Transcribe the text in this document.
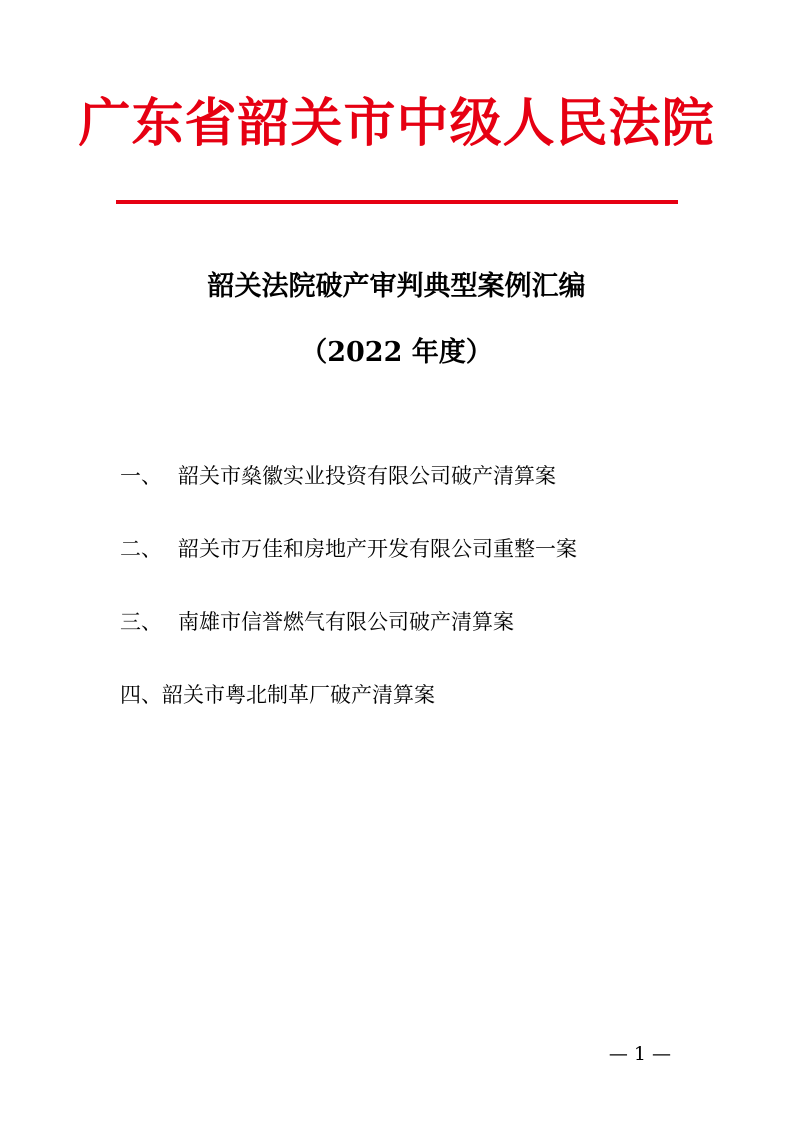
广东省韶关市中级人民法院
韶关法院破产审判典型案例汇编
（2022 年度）
一、 韶关市燊徽实业投资有限公司破产清算案
二、 韶关市万佳和房地产开发有限公司重整一案
三、 南雄市信誉燃气有限公司破产清算案
四、韶关市粤北制革厂破产清算案
— 1 —
